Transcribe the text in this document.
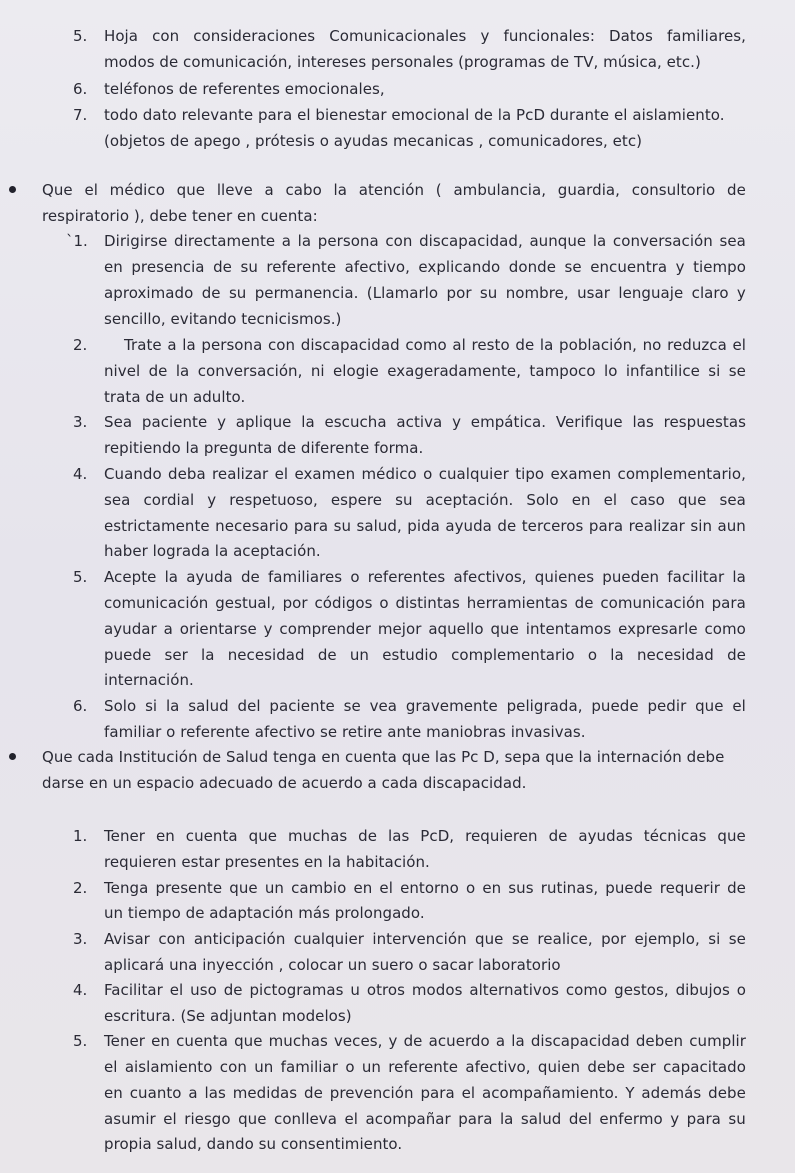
5. Hoja con consideraciones Comunicacionales y funcionales: Datos familiares,
modos de comunicación, intereses personales (programas de TV, música, etc.)
6. teléfonos de referentes emocionales,
7. todo dato relevante para el bienestar emocional de la PcD durante el aislamiento.
(objetos de apego , prótesis o ayudas mecanicas , comunicadores, etc)
Que el médico que lleve a cabo la atención ( ambulancia, guardia, consultorio de
respiratorio ), debe tener en cuenta:
`1. Dirigirse directamente a la persona con discapacidad, aunque la conversación sea
en presencia de su referente afectivo, explicando donde se encuentra y tiempo
aproximado de su permanencia. (Llamarlo por su nombre, usar lenguaje claro y
sencillo, evitando tecnicismos.)
2. Trate a la persona con discapacidad como al resto de la población, no reduzca el
nivel de la conversación, ni elogie exageradamente, tampoco lo infantilice si se
trata de un adulto.
3. Sea paciente y aplique la escucha activa y empática. Verifique las respuestas
repitiendo la pregunta de diferente forma.
4. Cuando deba realizar el examen médico o cualquier tipo examen complementario,
sea cordial y respetuoso, espere su aceptación. Solo en el caso que sea
estrictamente necesario para su salud, pida ayuda de terceros para realizar sin aun
haber lograda la aceptación.
5. Acepte la ayuda de familiares o referentes afectivos, quienes pueden facilitar la
comunicación gestual, por códigos o distintas herramientas de comunicación para
ayudar a orientarse y comprender mejor aquello que intentamos expresarle como
puede ser la necesidad de un estudio complementario o la necesidad de
internación.
6. Solo si la salud del paciente se vea gravemente peligrada, puede pedir que el
familiar o referente afectivo se retire ante maniobras invasivas.
Que cada Institución de Salud tenga en cuenta que las Pc D, sepa que la internación debe
darse en un espacio adecuado de acuerdo a cada discapacidad.
1. Tener en cuenta que muchas de las PcD, requieren de ayudas técnicas que
requieren estar presentes en la habitación.
2. Tenga presente que un cambio en el entorno o en sus rutinas, puede requerir de
un tiempo de adaptación más prolongado.
3. Avisar con anticipación cualquier intervención que se realice, por ejemplo, si se
aplicará una inyección , colocar un suero o sacar laboratorio
4. Facilitar el uso de pictogramas u otros modos alternativos como gestos, dibujos o
escritura. (Se adjuntan modelos)
5. Tener en cuenta que muchas veces, y de acuerdo a la discapacidad deben cumplir
el aislamiento con un familiar o un referente afectivo, quien debe ser capacitado
en cuanto a las medidas de prevención para el acompañamiento. Y además debe
asumir el riesgo que conlleva el acompañar para la salud del enfermo y para su
propia salud, dando su consentimiento.
